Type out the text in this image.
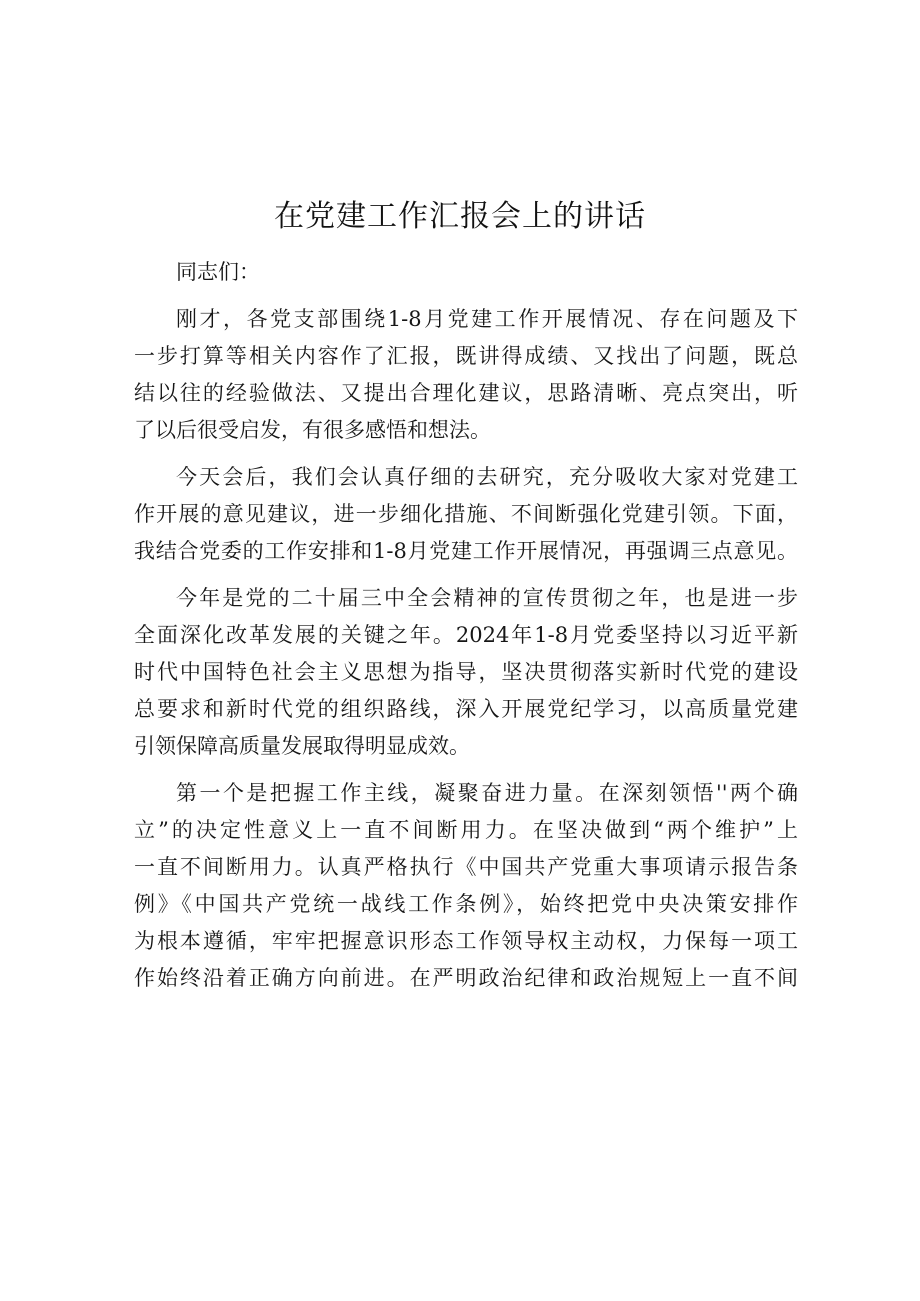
在党建工作汇报会上的讲话

同志们：

刚才，各党支部围绕1-8月党建工作开展情况、存在问题及下
一步打算等相关内容作了汇报，既讲得成绩、又找出了问题，既总
结以往的经验做法、又提出合理化建议，思路清晰、亮点突出，听
了以后很受启发，有很多感悟和想法。
今天会后，我们会认真仔细的去研究，充分吸收大家对党建工
作开展的意见建议，进一步细化措施、不间断强化党建引领。下面，
我结合党委的工作安排和1-8月党建工作开展情况，再强调三点意见。
今年是党的二十届三中全会精神的宣传贯彻之年，也是进一步
全面深化改革发展的关键之年。2024年1-8月党委坚持以习近平新
时代中国特色社会主义思想为指导，坚决贯彻落实新时代党的建设
总要求和新时代党的组织路线，深入开展党纪学习，以高质量党建
引领保障高质量发展取得明显成效。
第一个是把握工作主线，凝聚奋进力量。在深刻领悟''两个确
立”的决定性意义上一直不间断用力。在坚决做到“两个维护”上
一直不间断用力。认真严格执行《中国共产党重大事项请示报告条
例》《中国共产党统一战线工作条例》，始终把党中央决策安排作
为根本遵循，牢牢把握意识形态工作领导权主动权，力保每一项工
作始终沿着正确方向前进。在严明政治纪律和政治规短上一直不间
